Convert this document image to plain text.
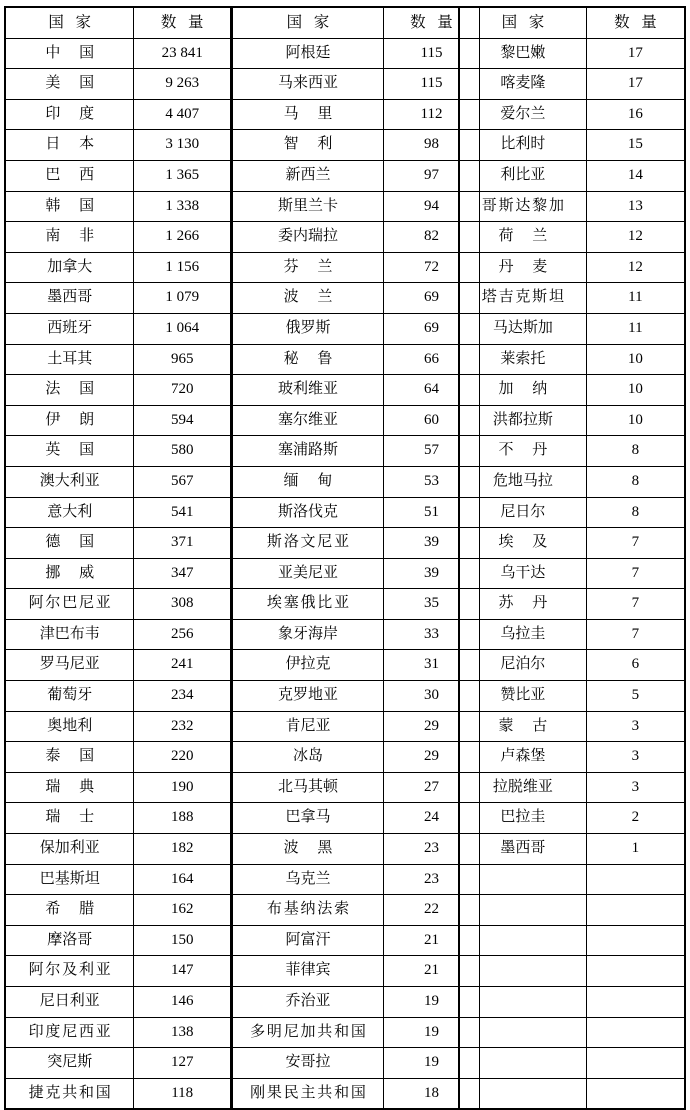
国 家	数 量
中 国	23 841
美 国	9 263
印 度	4 407
日 本	3 130
巴 西	1 365
韩 国	1 338
南 非	1 266
加拿大	1 156
墨西哥	1 079
西班牙	1 064
土耳其	965
法 国	720
伊 朗	594
英 国	580
澳大利亚	567
意大利	541
德 国	371
挪 威	347
阿尔巴尼亚	308
津巴布韦	256
罗马尼亚	241
葡萄牙	234
奥地利	232
泰 国	220
瑞 典	190
瑞 士	188
保加利亚	182
巴基斯坦	164
希 腊	162
摩洛哥	150
阿尔及利亚	147
尼日利亚	146
印度尼西亚	138
突尼斯	127
捷克共和国	118

国 家	数 量
阿根廷	115
马来西亚	115
马 里	112
智 利	98
新西兰	97
斯里兰卡	94
委内瑞拉	82
芬 兰	72
波 兰	69
俄罗斯	69
秘 鲁	66
玻利维亚	64
塞尔维亚	60
塞浦路斯	57
缅 甸	53
斯洛伐克	51
斯洛文尼亚	39
亚美尼亚	39
埃塞俄比亚	35
象牙海岸	33
伊拉克	31
克罗地亚	30
肯尼亚	29
冰岛	29
北马其顿	27
巴拿马	24
波 黑	23
乌克兰	23
布基纳法索	22
阿富汗	21
菲律宾	21
乔治亚	19
多明尼加共和国	19
安哥拉	19
刚果民主共和国	18

国 家	数 量
黎巴嫩	17
喀麦隆	17
爱尔兰	16
比利时	15
利比亚	14
哥斯达黎加	13
荷 兰	12
丹 麦	12
塔吉克斯坦	11
马达斯加	11
莱索托	10
加 纳	10
洪都拉斯	10
不 丹	8
危地马拉	8
尼日尔	8
埃 及	7
乌干达	7
苏 丹	7
乌拉圭	7
尼泊尔	6
赞比亚	5
蒙 古	3
卢森堡	3
拉脱维亚	3
巴拉圭	2
墨西哥	1
